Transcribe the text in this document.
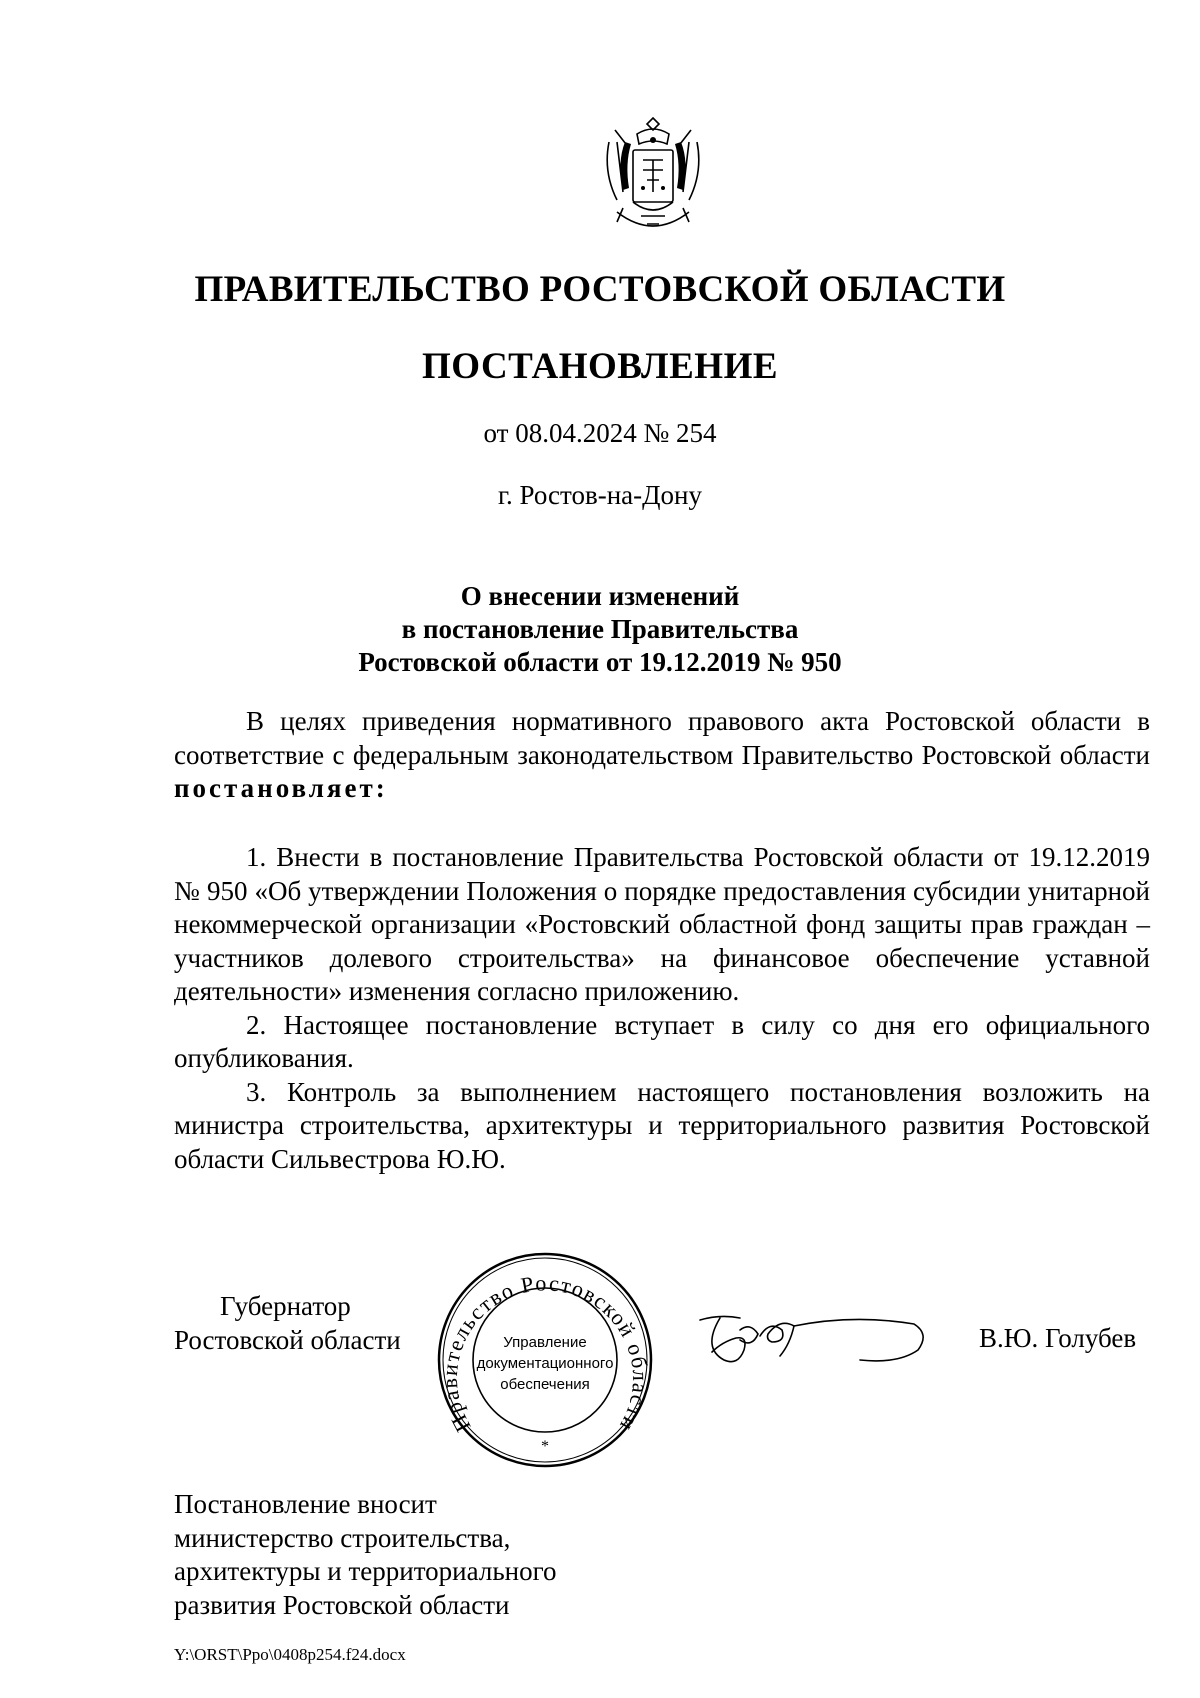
ПРАВИТЕЛЬСТВО РОСТОВСКОЙ ОБЛАСТИ
ПОСТАНОВЛЕНИЕ
от 08.04.2024 № 254
г. Ростов-на-Дону
О внесении изменений
в постановление Правительства
Ростовской области от 19.12.2019 № 950

В целях приведения нормативного правового акта Ростовской области в соответствие с федеральным законодательством Правительство Ростовской области постановляет:

1. Внести в постановление Правительства Ростовской области от 19.12.2019 № 950 «Об утверждении Положения о порядке предоставления субсидии унитарной некоммерческой организации «Ростовский областной фонд защиты прав граждан – участников долевого строительства» на финансовое обеспечение уставной деятельности» изменения согласно приложению.

2. Настоящее постановление вступает в силу со дня его официального опубликования.

3. Контроль за выполнением настоящего постановления возложить на министра строительства, архитектуры и территориального развития Ростовской области Сильвестрова Ю.Ю.

Губернатор
Ростовской области
Правительство Ростовской области
*
Управление
документационного
обеспечения
В.Ю. Голубев
Постановление вносит
министерство строительства,
архитектуры и территориального
развития Ростовской области
Y:\ORST\Ppo\0408p254.f24.docx
